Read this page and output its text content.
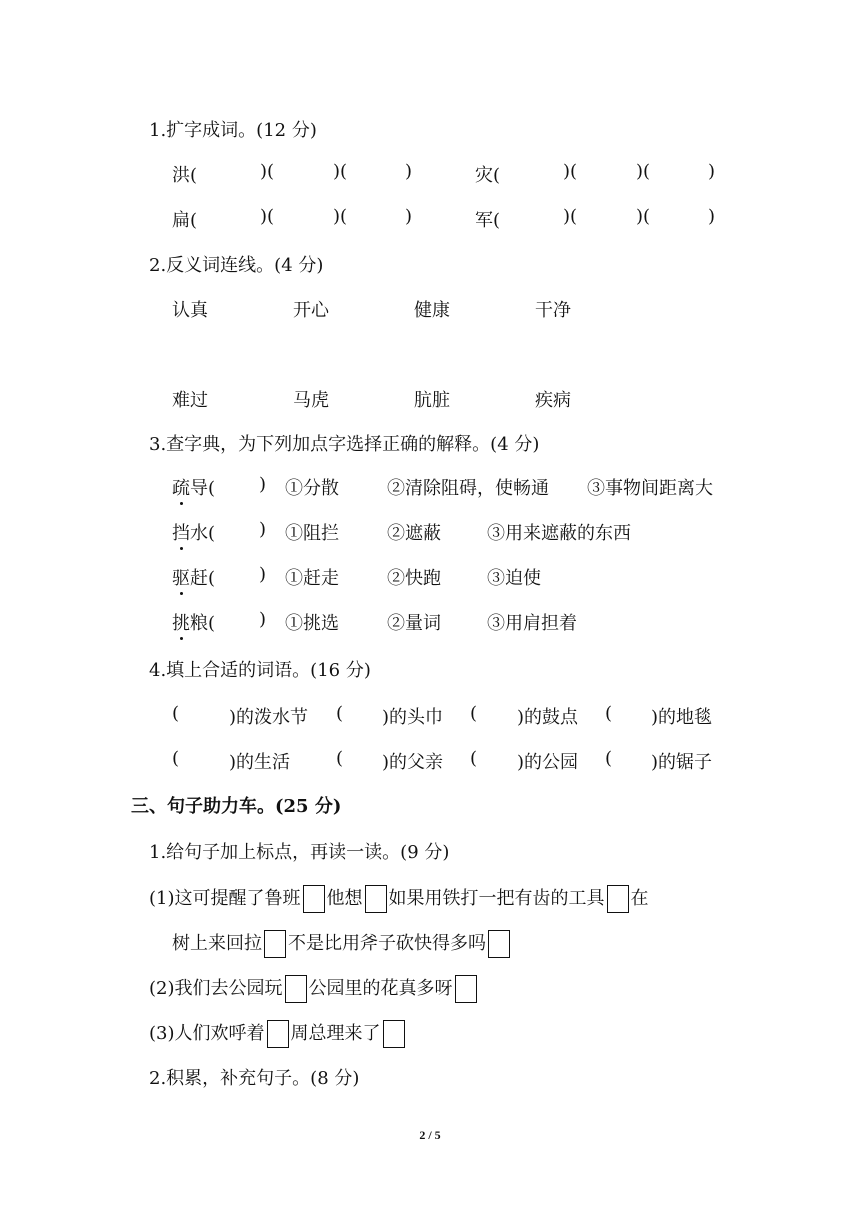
1.扩字成词。(12 分)
洪(	)(	)(	)	灾(	)(	)(	)
扁(	)(	)(	)	军(	)(	)(	)
2.反义词连线。(4 分)
认真	开心	健康	干净
难过	马虎	肮脏	疾病
3.查字典，为下列加点字选择正确的解释。(4 分)
疏导( ) ①分散	②清除阻碍，使畅通 ③事物间距离大
挡水( ) ①阻拦	②遮蔽	③用来遮蔽的东西
驱赶( ) ①赶走	②快跑	③迫使
挑粮( ) ①挑选	②量词	③用肩担着
4.填上合适的词语。(16 分)
(	)的泼水节 ( )的头巾 ( )的鼓点 ( )的地毯
(	)的生活	( )的父亲 ( )的公园 ( )的锯子
三、句子助力车。(25 分)
1.给句子加上标点，再读一读。(9 分)
(1)这可提醒了鲁班 他想 如果用铁打一把有齿的工具 在
树上来回拉 不是比用斧子砍快得多吗
(2)我们去公园玩 公园里的花真多呀
(3)人们欢呼着 周总理来了
2.积累，补充句子。(8 分)
2 / 5
